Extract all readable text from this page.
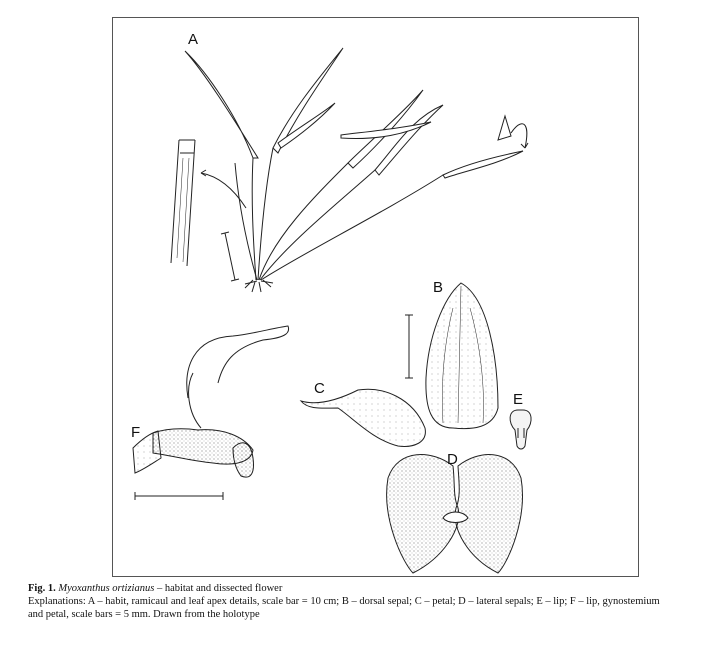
A
B
C
D
E
F
Fig. 1. Myoxanthus ortizianus – habitat and dissected flower
Explanations: A – habit, ramicaul and leaf apex details, scale bar = 10 cm; B – dorsal sepal; C – petal; D – lateral sepals; E – lip; F – lip, gynostemium and petal, scale bars = 5 mm. Drawn from the holotype
